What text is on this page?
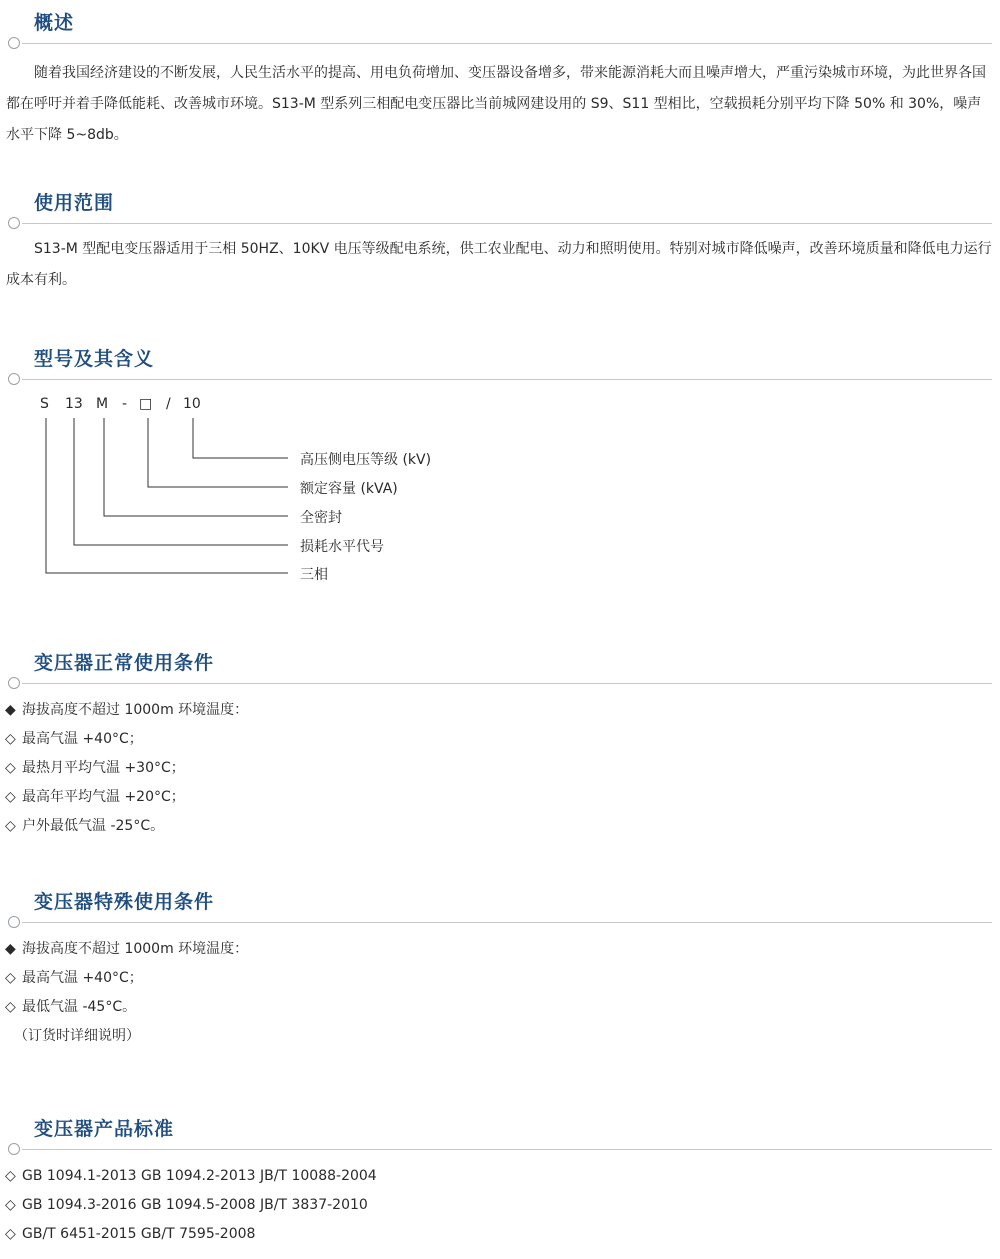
概述

随着我国经济建设的不断发展，人民生活水平的提高、用电负荷增加、变压器设备增多，带来能源消耗大而且噪声增大，严重污染城市环境，为此世界各国都在呼吁并着手降低能耗、改善城市环境。S13-M 型系列三相配电变压器比当前城网建设用的 S9、S11 型相比，空载损耗分别平均下降 50% 和 30%，噪声水平下降 5~8db。

使用范围

S13-M 型配电变压器适用于三相 50HZ、10KV 电压等级配电系统，供工农业配电、动力和照明使用。特别对城市降低噪声，改善环境质量和降低电力运行成本有利。

型号及其含义
S 13 M - □ / 10
高压侧电压等级 (kV)
额定容量 (kVA)
全密封
损耗水平代号
三相
变压器正常使用条件
◆ 海拔高度不超过 1000m 环境温度：
◇ 最高气温 +40°C；
◇ 最热月平均气温 +30°C；
◇ 最高年平均气温 +20°C；
◇ 户外最低气温 -25°C。
变压器特殊使用条件
◆ 海拔高度不超过 1000m 环境温度：
◇ 最高气温 +40°C；
◇ 最低气温 -45°C。
（订货时详细说明）
变压器产品标准
◇ GB 1094.1-2013 GB 1094.2-2013 JB/T 10088-2004
◇ GB 1094.3-2016 GB 1094.5-2008 JB/T 3837-2010
◇ GB/T 6451-2015 GB/T 7595-2008
